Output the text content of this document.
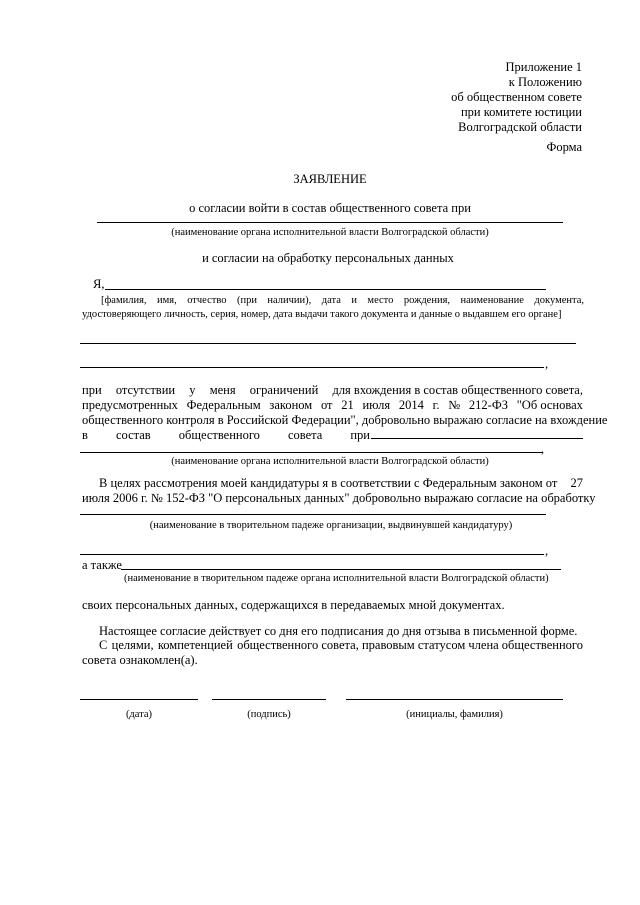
Приложение 1
к Положению
об общественном совете
при комитете юстиции
Волгоградской области
Форма
ЗАЯВЛЕНИЕ
о согласии войти в состав общественного совета при
(наименование органа исполнительной власти Волгоградской области)
и согласии на обработку персональных данных
Я,
[фамилия, имя, отчество (при наличии), дата и место рождения, наименование документа,
удостоверяющего личность, серия, номер, дата выдачи такого документа и данные о выдавшем его органе]
,
при отсутствии у меня ограничений для вхождения в состав общественного совета,
предусмотренных Федеральным законом от 21 июля 2014 г. № 212-ФЗ "Об основах
общественного контроля в Российской Федерации", добровольно выражаю согласие на вхождение
в состав общественного совета при
,
(наименование органа исполнительной власти Волгоградской области)
В целях рассмотрения моей кандидатуры я в соответствии с Федеральным законом от 27
июля 2006 г. № 152-ФЗ "О персональных данных" добровольно выражаю согласие на обработку
(наименование в творительном падеже организации, выдвинувшей кандидатуру)
,
а также
(наименование в творительном падеже органа исполнительной власти Волгоградской области)
своих персональных данных, содержащихся в передаваемых мной документах.
Настоящее согласие действует со дня его подписания до дня отзыва в письменной форме.
С целями, компетенцией общественного совета, правовым статусом члена общественного
совета ознакомлен(а).
(дата)	(подпись)	(инициалы, фамилия)
